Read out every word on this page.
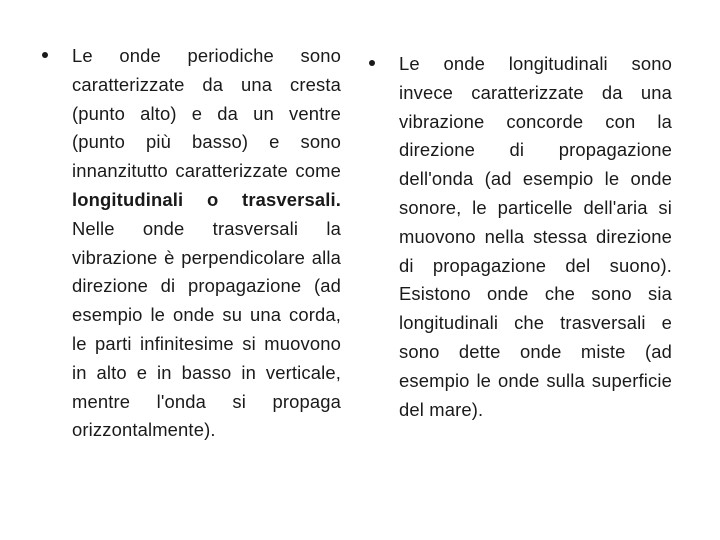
Le onde periodiche sono caratterizzate da una cresta (punto alto) e da un ventre (punto più basso) e sono innanzitutto caratterizzate come longitudinali o trasversali. Nelle onde trasversali la vibrazione è perpendicolare alla direzione di propagazione (ad esempio le onde su una corda, le parti infinitesime si muovono in alto e in basso in verticale, mentre l'onda si propaga orizzontalmente).

Le onde longitudinali sono invece caratterizzate da una vibrazione concorde con la direzione di propagazione dell'onda (ad esempio le onde sonore, le particelle dell'aria si muovono nella stessa direzione di propagazione del suono). Esistono onde che sono sia longitudinali che trasversali e sono dette onde miste (ad esempio le onde sulla superficie del mare).
